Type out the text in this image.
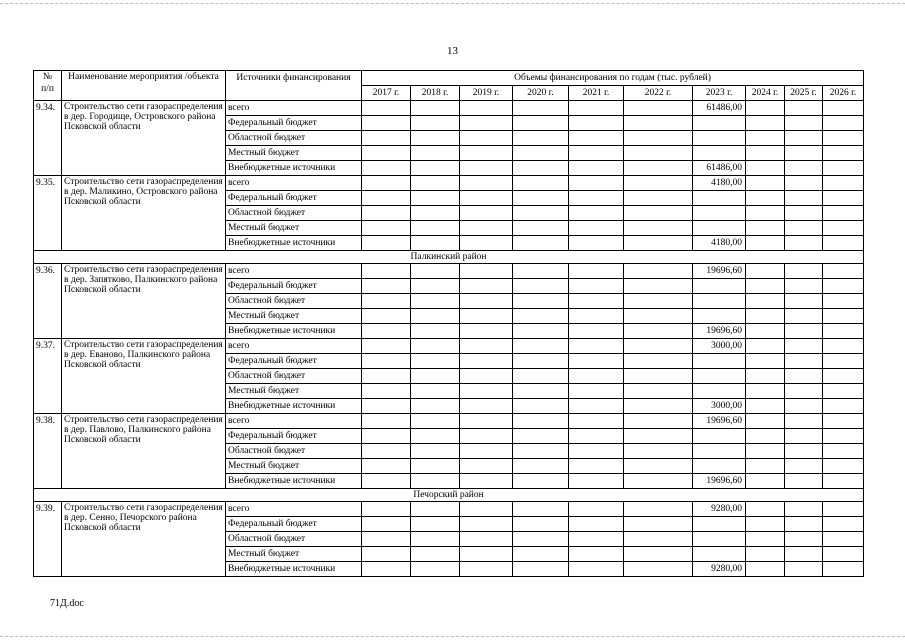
13
№
п/п	Наименование мероприятия /объекта	Источники финансирования	Объемы финансирования по годам (тыс. рублей)									
			2017 г.	2018 г.	2019 г.	2020 г.	2021 г.	2022 г.	2023 г.	2024 г.	2025 г.	2026 г.
9.34.	Строительство сети газораспределения в дер. Городище, Островского района Псковской области	всего							61486,00			
		Федеральный бюджет										
		Областной бюджет										
		Местный бюджет										
		Внебюджетные источники							61486,00			
9.35.	Строительство сети газораспределения в дер. Маликино, Островского района Псковской области	всего							4180,00			
		Федеральный бюджет										
		Областной бюджет										
		Местный бюджет										
		Внебюджетные источники							4180,00			
Палкинский район												
9.36.	Строительство сети газораспределения в дер. Запятково, Палкинского района Псковской области	всего							19696,60			
		Федеральный бюджет										
		Областной бюджет										
		Местный бюджет										
		Внебюджетные источники							19696,60			
9.37.	Строительство сети газораспределения в дер. Еваново, Палкинского района Псковской области	всего							3000,00			
		Федеральный бюджет										
		Областной бюджет										
		Местный бюджет										
		Внебюджетные источники							3000,00			
9.38.	Строительство сети газораспределения в дер. Павлово, Палкинского района Псковской области	всего							19696,60			
		Федеральный бюджет										
		Областной бюджет										
		Местный бюджет										
		Внебюджетные источники							19696,60			
Печорский район												
9.39.	Строительство сети газораспределения в дер. Сенно, Печорского района Псковской области	всего							9280,00			
		Федеральный бюджет										
		Областной бюджет										
		Местный бюджет										
		Внебюджетные источники							9280,00			
71Д.doc
